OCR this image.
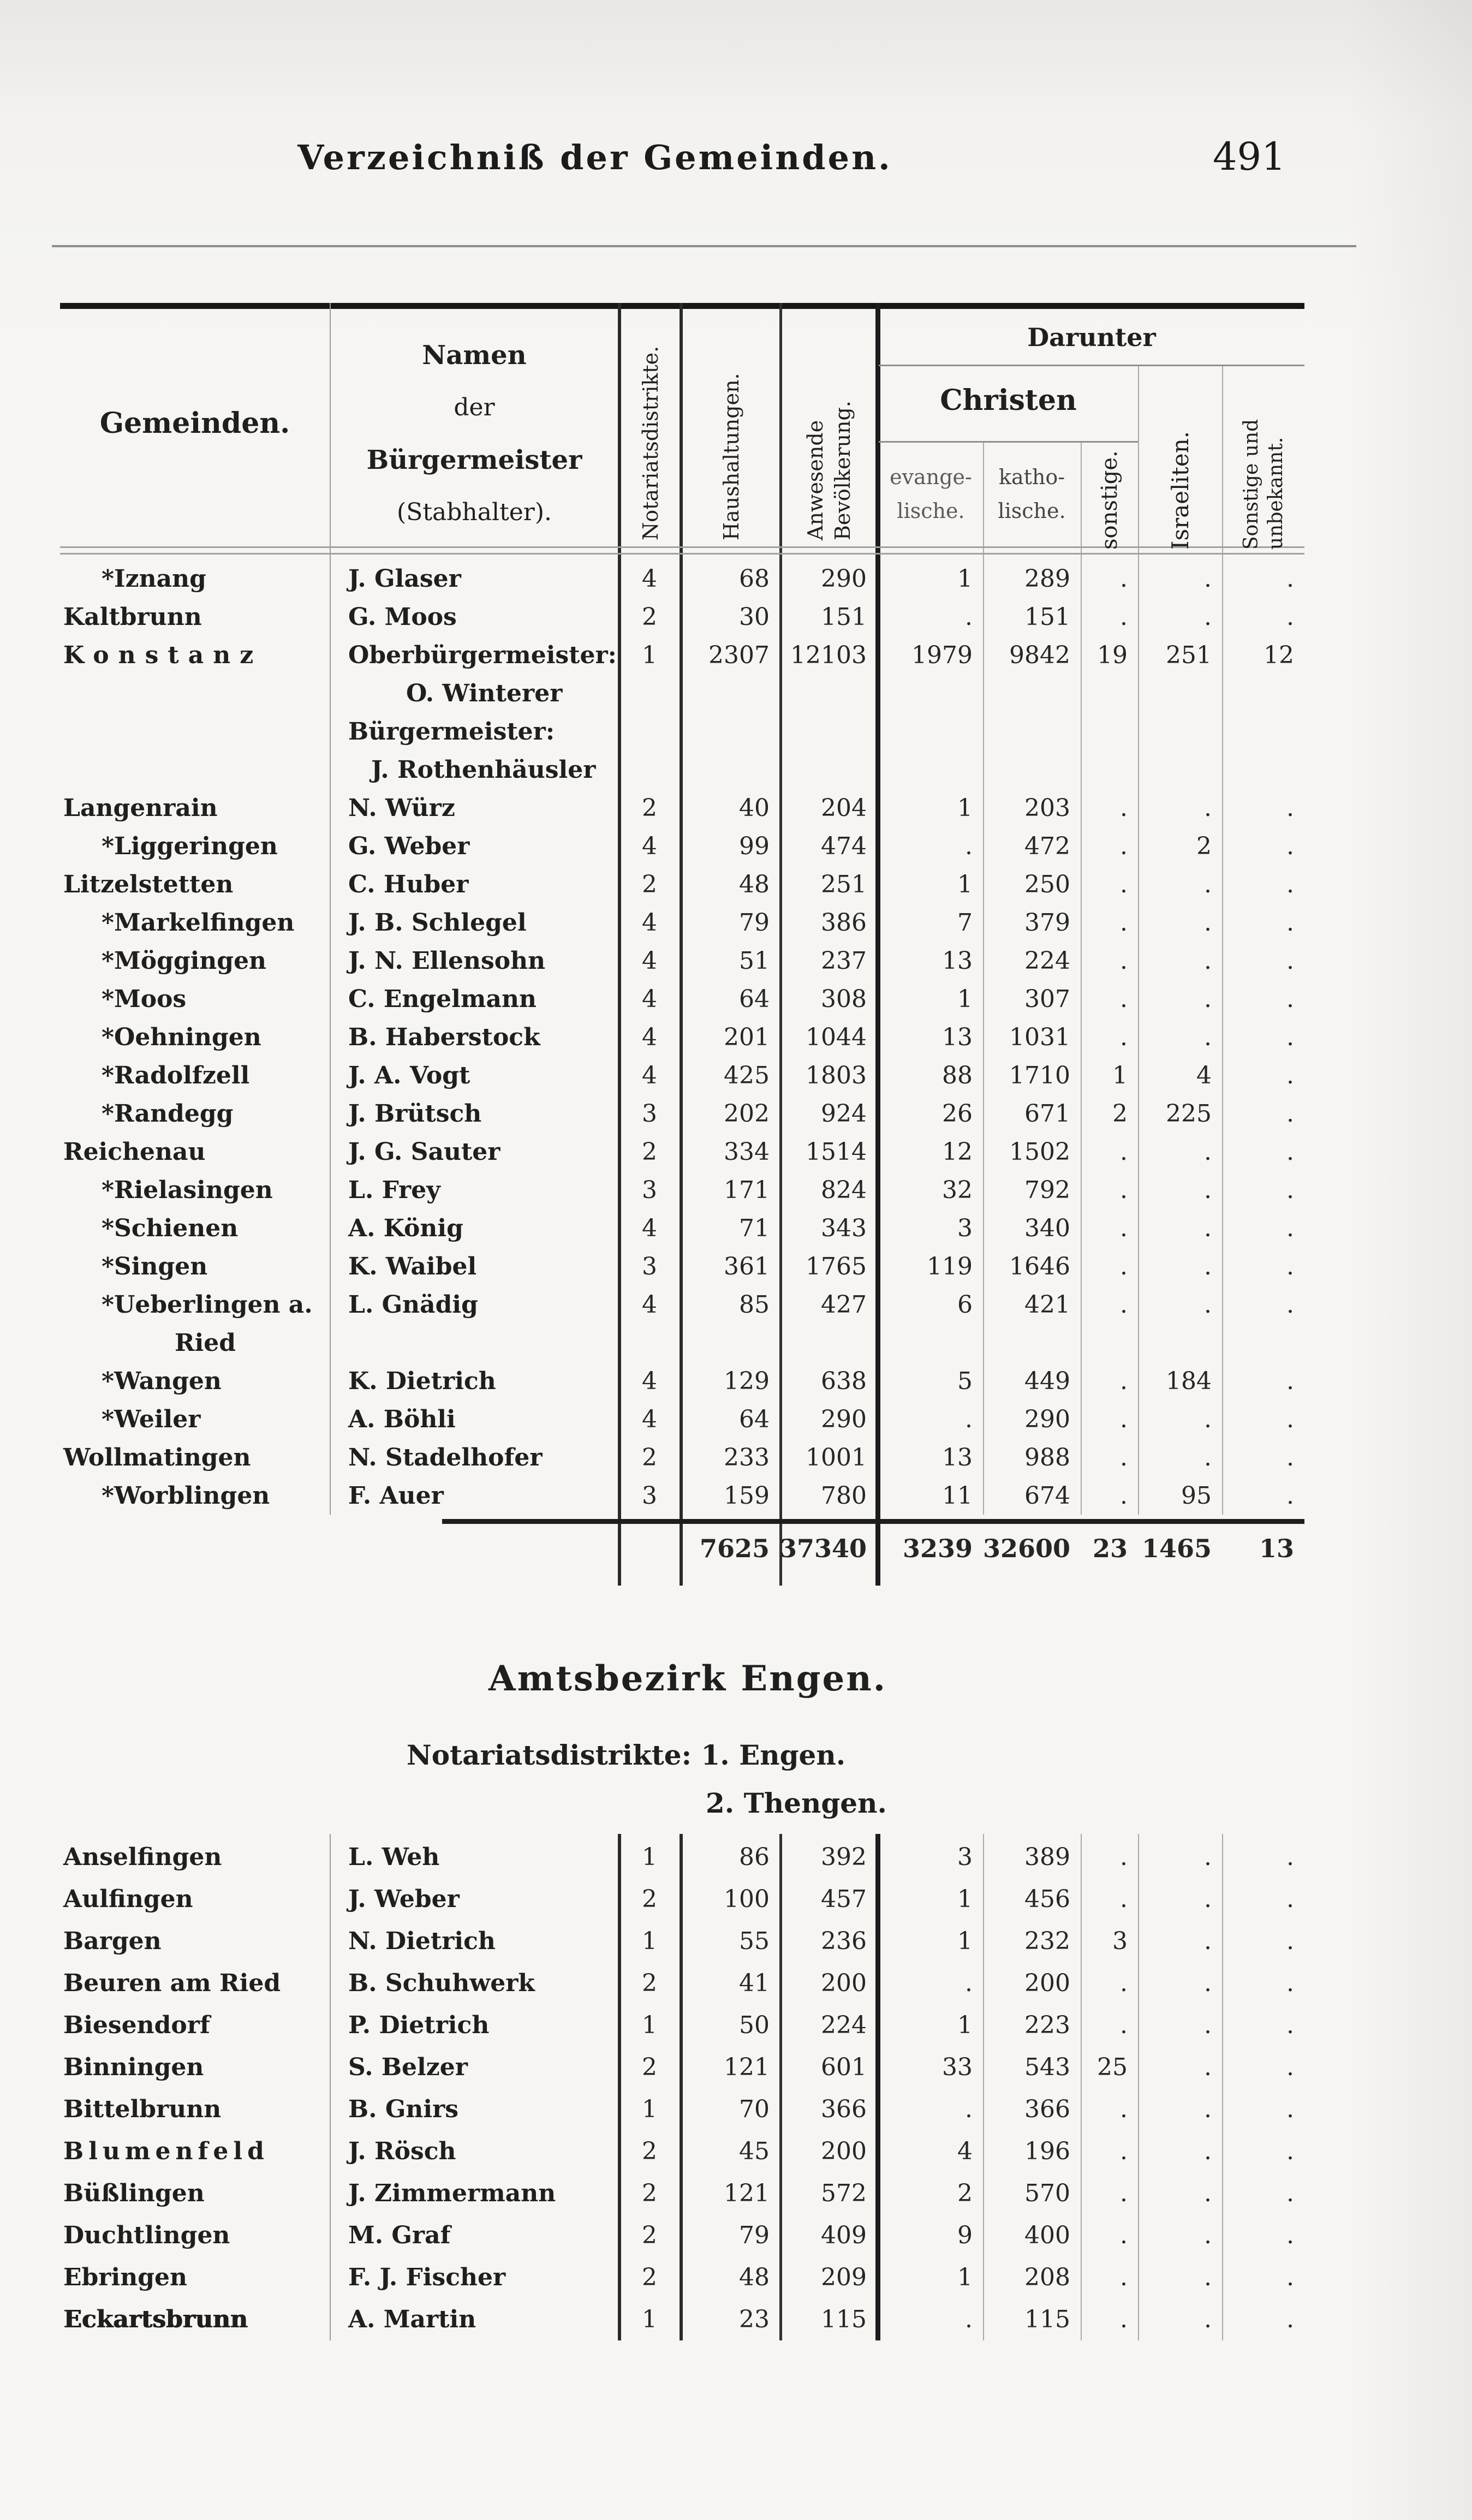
Verzeichniß der Gemeinden.	491
Gemeinden.
Namen
der
Bürgermeister
(Stabhalter).	Notariatsdistrikte.	Haushaltungen.	Anwesende Bevölkerung.
Darunter
Christen
evange-
lische.
katho-
lische.	sonstige. Israeliten. Sonstige und unbekannt.
*Iznang	J. Glaser	4	68	290	1	289	.	.	.
Kaltbrunn	G. Moos	2	30	151	.	151	.	.	.
Konstanz	Oberbürgermeister:	1	2307 12103	1979	9842	19	251	12
O. Winterer
Bürgermeister:
J. Rothenhäusler
Langenrain	N. Würz	2	40	204	1	203	.	.	.
*Liggeringen	G. Weber	4	99	474	.	472	.	2	.
Litzelstetten	C. Huber	2	48	251	1	250	.	.	.
*Markelfingen	J. B. Schlegel	4	79	386	7	379	.	.	.
*Möggingen	J. N. Ellensohn	4	51	237	13	224	.	.	.
*Moos	C. Engelmann	4	64	308	1	307	.	.	.
*Oehningen	B. Haberstock	4	201	1044	13	1031	.	.	.
*Radolfzell	J. A. Vogt	4	425	1803	88	1710	1	4	.
*Randegg	J. Brütsch	3	202	924	26	671	2	225	.
Reichenau	J. G. Sauter	2	334	1514	12	1502	.	.	.
*Rielasingen	L. Frey	3	171	824	32	792	.	.	.
*Schienen	A. König	4	71	343	3	340	.	.	.
*Singen	K. Waibel	3	361	1765	119	1646	.	.	.
*Ueberlingen a.	L. Gnädig	4	85	427	6	421	.	.	.
Ried
*Wangen	K. Dietrich	4	129	638	5	449	.	184	.
*Weiler	A. Böhli	4	64	290	.	290	.	.	.
Wollmatingen	N. Stadelhofer	2	233	1001	13	988	.	.	.
*Worblingen	F. Auer	3	159	780	11	674	.	95	.
7625 37340	3239 32600 23 1465	13
Amtsbezirk Engen.
Notariatsdistrikte: 1. Engen.
2. Thengen.
Anselfingen	L. Weh	1	86	392	3	389	.	.	.
Aulfingen	J. Weber	2	100	457	1	456	.	.	.
Bargen	N. Dietrich	1	55	236	1	232	3	.	.
Beuren am Ried	B. Schuhwerk	2	41	200	.	200	.	.	.
Biesendorf	P. Dietrich	1	50	224	1	223	.	.	.
Binningen	S. Belzer	2	121	601	33	543	25	.	.
Bittelbrunn	B. Gnirs	1	70	366	.	366	.	.	.
Blumenfeld	J. Rösch	2	45	200	4	196	.	.	.
Büßlingen	J. Zimmermann	2	121	572	2	570	.	.	.
Duchtlingen	M. Graf	2	79	409	9	400	.	.	.
Ebringen	F. J. Fischer	2	48	209	1	208	.	.	.
Eckartsbrunn	A. Martin	1	23	115	.	115	.	.	.
